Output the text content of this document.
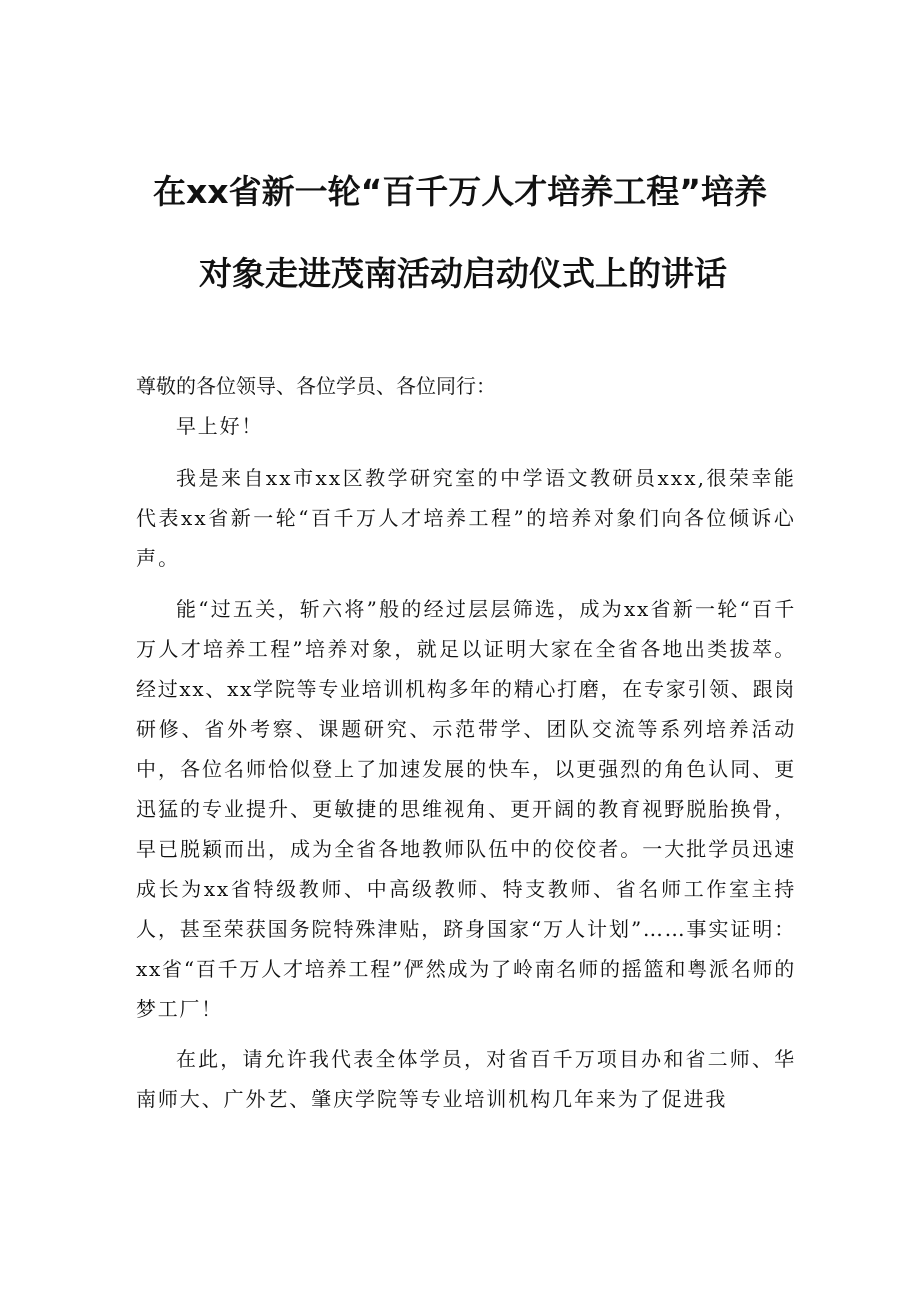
在xx省新一轮“百千万人才培养工程”培养
对象走进茂南活动启动仪式上的讲话

尊敬的各位领导、各位学员、各位同行：

早上好！

我是来自xx市xx区教学研究室的中学语文教研员xxx,很荣幸能代表xx省新一轮“百千万人才培养工程”的培养对象们向各位倾诉心声。

能“过五关，斩六将”般的经过层层筛选，成为xx省新一轮“百千万人才培养工程”培养对象，就足以证明大家在全省各地出类拔萃。经过xx、xx学院等专业培训机构多年的精心打磨，在专家引领、跟岗研修、省外考察、课题研究、示范带学、团队交流等系列培养活动中，各位名师恰似登上了加速发展的快车，以更强烈的角色认同、更迅猛的专业提升、更敏捷的思维视角、更开阔的教育视野脱胎换骨，早已脱颖而出，成为全省各地教师队伍中的佼佼者。一大批学员迅速成长为xx省特级教师、中高级教师、特支教师、省名师工作室主持人，甚至荣获国务院特殊津贴，跻身国家“万人计划”……事实证明：xx省“百千万人才培养工程”俨然成为了岭南名师的摇篮和粤派名师的梦工厂！

在此，请允许我代表全体学员，对省百千万项目办和省二师、华南师大、广外艺、肇庆学院等专业培训机构几年来为了促进我
